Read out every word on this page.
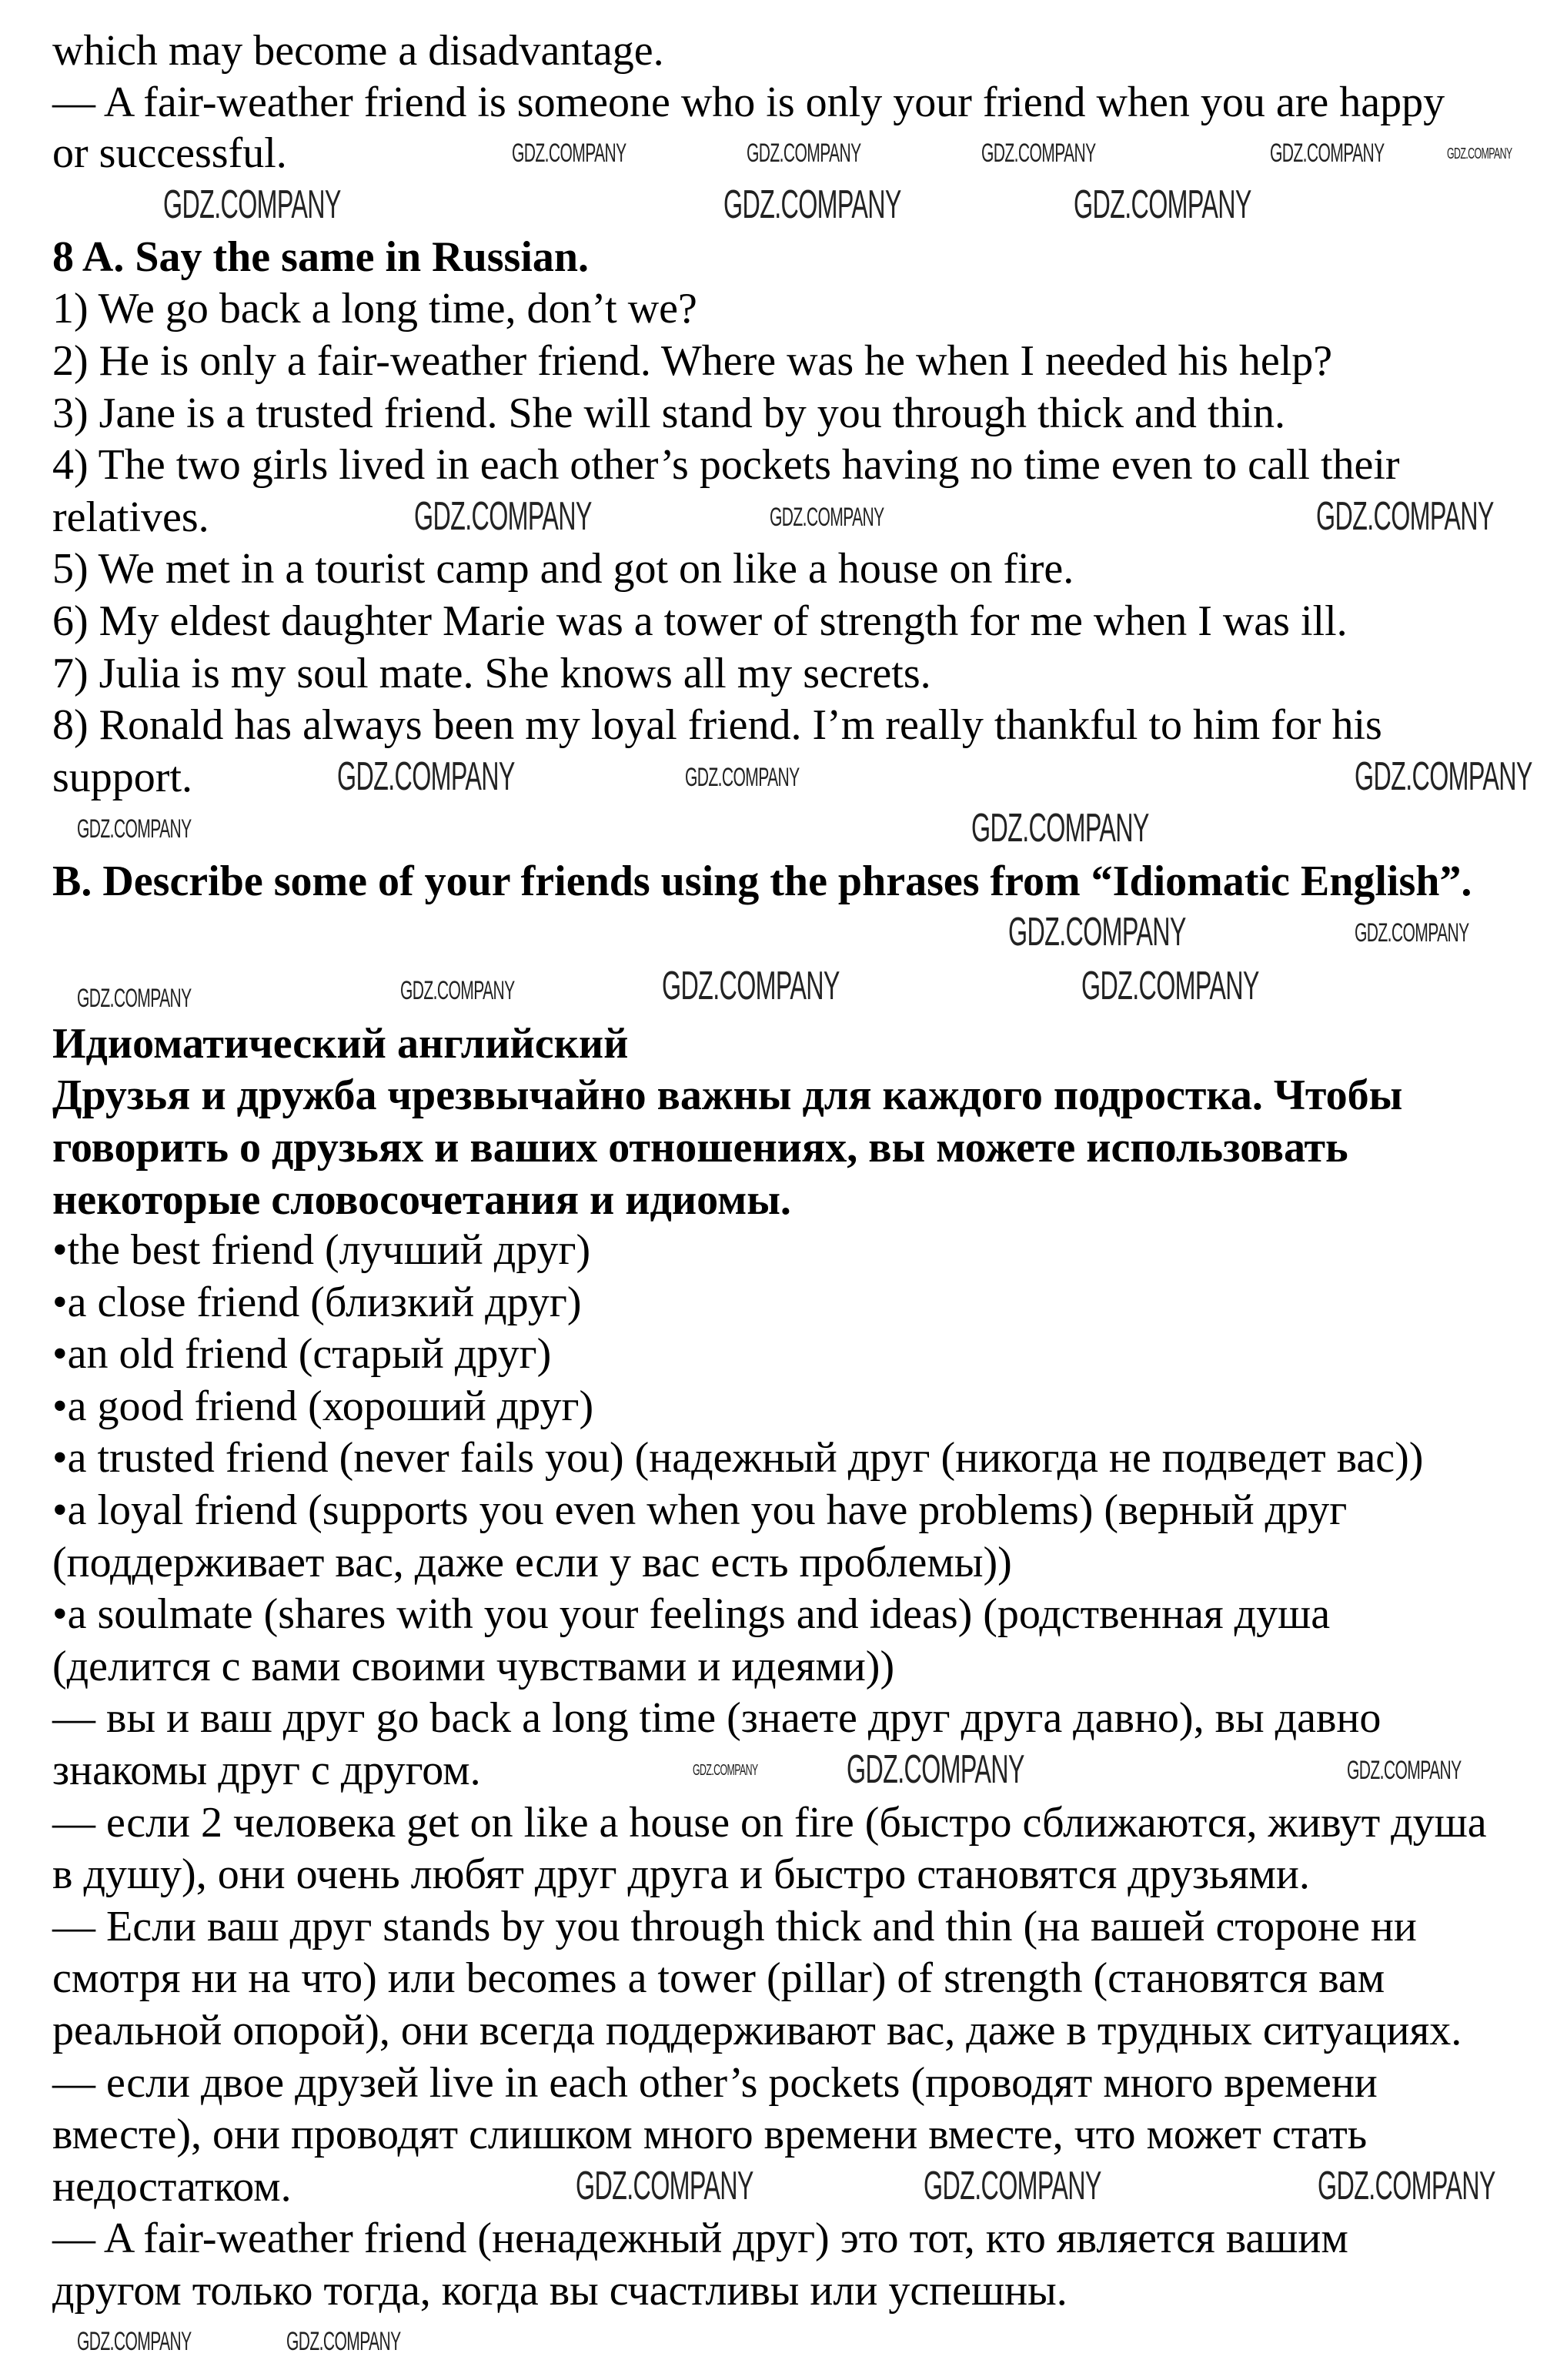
which may become a disadvantage.
— A fair-weather friend is someone who is only your friend when you are happy
or successful.
8 A. Say the same in Russian.
1) We go back a long time, don’t we?
2) He is only a fair-weather friend. Where was he when I needed his help?
3) Jane is a trusted friend. She will stand by you through thick and thin.
4) The two girls lived in each other’s pockets having no time even to call their
relatives.
5) We met in a tourist camp and got on like a house on fire.
6) My eldest daughter Marie was a tower of strength for me when I was ill.
7) Julia is my soul mate. She knows all my secrets.
8) Ronald has always been my loyal friend. I’m really thankful to him for his
support.
B. Describe some of your friends using the phrases from “Idiomatic English”.
Идиоматический английский
Друзья и дружба чрезвычайно важны для каждого подростка. Чтобы
говорить о друзьях и ваших отношениях, вы можете использовать
некоторые словосочетания и идиомы.
•the best friend (лучший друг)
•a close friend (близкий друг)
•an old friend (старый друг)
•a good friend (хороший друг)
•a trusted friend (never fails you) (надежный друг (никогда не подведет вас))
•a loyal friend (supports you even when you have problems) (верный друг
(поддерживает вас, даже если у вас есть проблемы))
•a soulmate (shares with you your feelings and ideas) (родственная душа
(делится с вами своими чувствами и идеями))
— вы и ваш друг go back a long time (знаете друг друга давно), вы давно
знакомы друг с другом.
— если 2 человека get on like a house on fire (быстро сближаются, живут душа
в душу), они очень любят друг друга и быстро становятся друзьями.
— Если ваш друг stands by you through thick and thin (на вашей стороне ни
смотря ни на что) или becomes a tower (pillar) of strength (становятся вам
реальной опорой), они всегда поддерживают вас, даже в трудных ситуациях.
— если двое друзей live in each other’s pockets (проводят много времени
вместе), они проводят слишком много времени вместе, что может стать
недостатком.
— A fair-weather friend (ненадежный друг) это тот, кто является вашим
другом только тогда, когда вы счастливы или успешны.
GDZ.COMPANY	GDZ.COMPANY	GDZ.COMPANY	GDZ.COMPANY	GDZ.COMPANY
GDZ.COMPANY	GDZ.COMPANY	GDZ.COMPANY
GDZ.COMPANY	GDZ.COMPANY	GDZ.COMPANY
GDZ.COMPANY	GDZ.COMPANY	GDZ.COMPANY
GDZ.COMPANY	GDZ.COMPANY
GDZ.COMPANY	GDZ.COMPANY
GDZ.COMPANY	GDZ.COMPANY	GDZ.COMPANY
GDZ.COMPANY
GDZ.COMPANY GDZ.COMPANY	GDZ.COMPANY
GDZ.COMPANY	GDZ.COMPANY	GDZ.COMPANY
GDZ.COMPANY	GDZ.COMPANY
